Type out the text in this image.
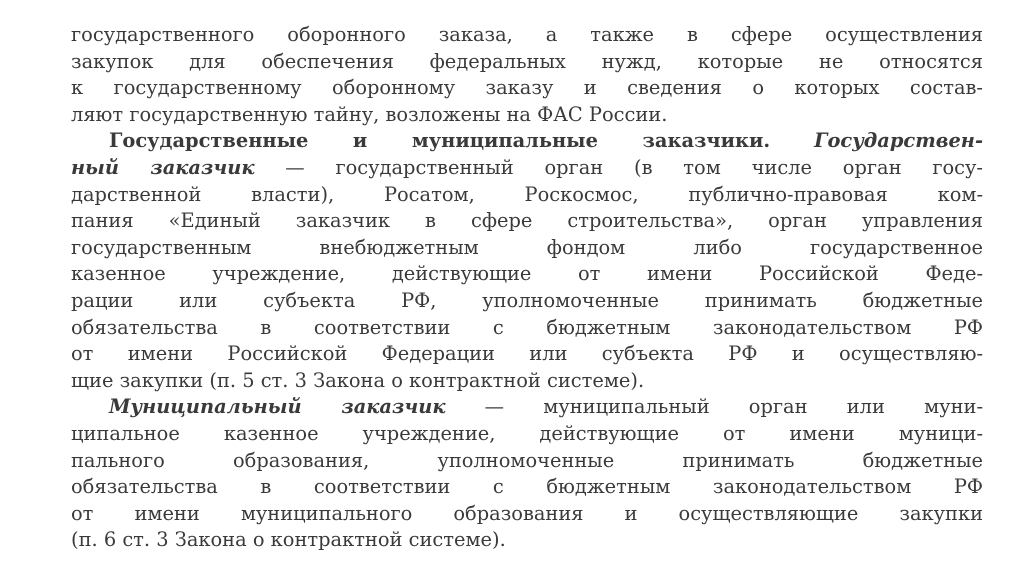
государственного оборонного заказа, а также в сфере осуществления
закупок для обеспечения федеральных нужд, которые не относятся
к государственному оборонному заказу и сведения о которых состав-
ляют государственную тайну, возложены на ФАС России.
Государственные и муниципальные заказчики. Государствен-
ный заказчик — государственный орган (в том числе орган госу-
дарственной власти), Росатом, Роскосмос, публично-правовая ком-
пания «Единый заказчик в сфере строительства», орган управления
государственным внебюджетным фондом либо государственное
казенное учреждение, действующие от имени Российской Феде-
рации или субъекта РФ, уполномоченные принимать бюджетные
обязательства в соответствии с бюджетным законодательством РФ
от имени Российской Федерации или субъекта РФ и осуществляю-
щие закупки (п. 5 ст. 3 Закона о контрактной системе).
Муниципальный заказчик — муниципальный орган или муни-
ципальное казенное учреждение, действующие от имени муници-
пального образования, уполномоченные принимать бюджетные
обязательства в соответствии с бюджетным законодательством РФ
от имени муниципального образования и осуществляющие закупки
(п. 6 ст. 3 Закона о контрактной системе).
